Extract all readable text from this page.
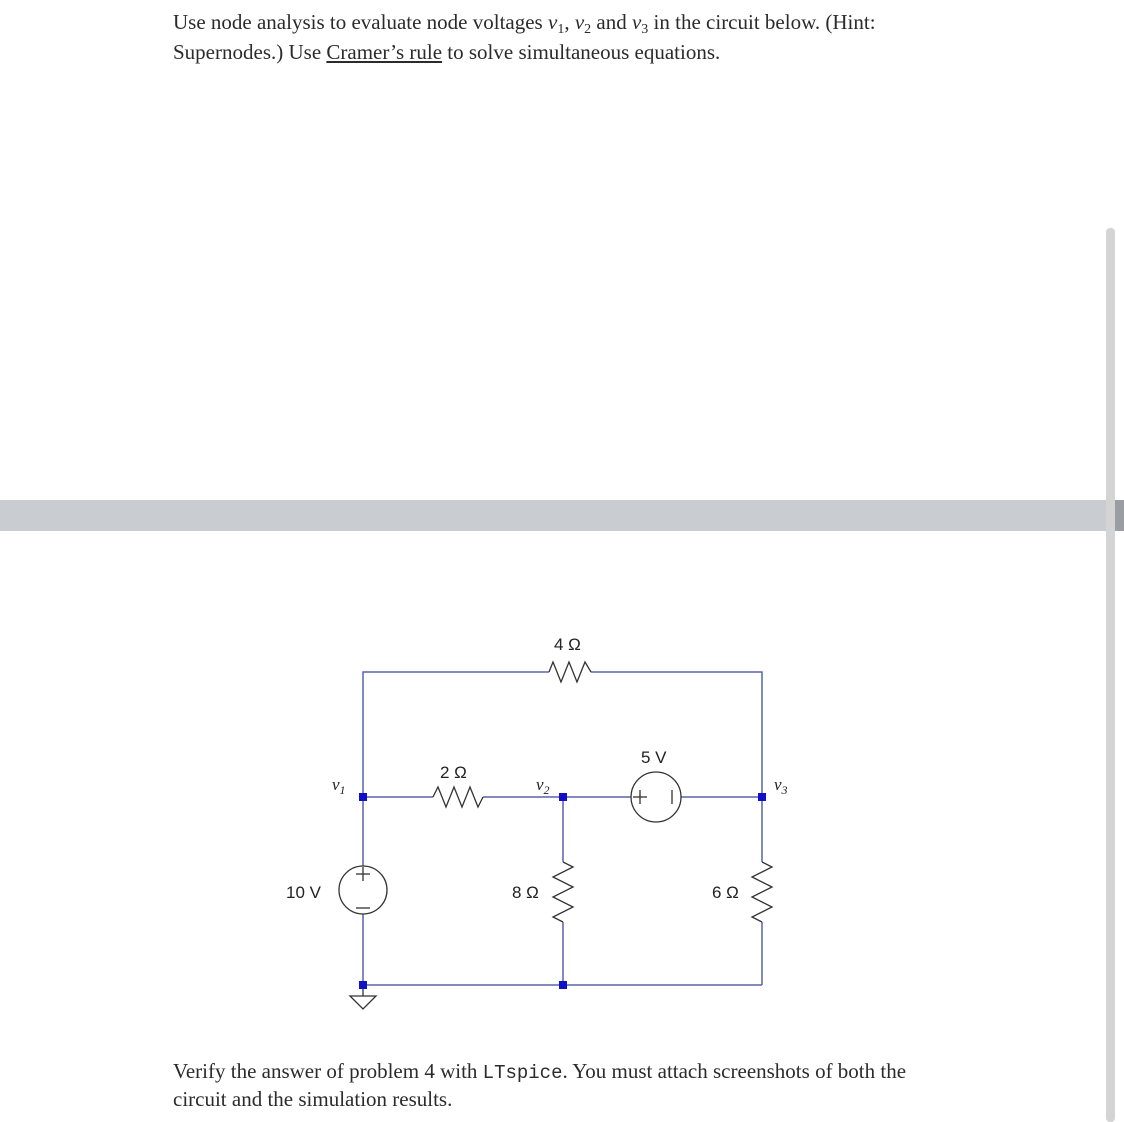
Use node analysis to evaluate node voltages v1, v2 and v3 in the circuit below. (Hint:
Supernodes.) Use Cramer’s rule to solve simultaneous equations.
4 Ω
2 Ω
8 Ω	6 Ω
10 V
5 V
$v_1$	$v_2$	$v_3$
Verify the answer of problem 4 with LTspice. You must attach screenshots of both the
circuit and the simulation results.
